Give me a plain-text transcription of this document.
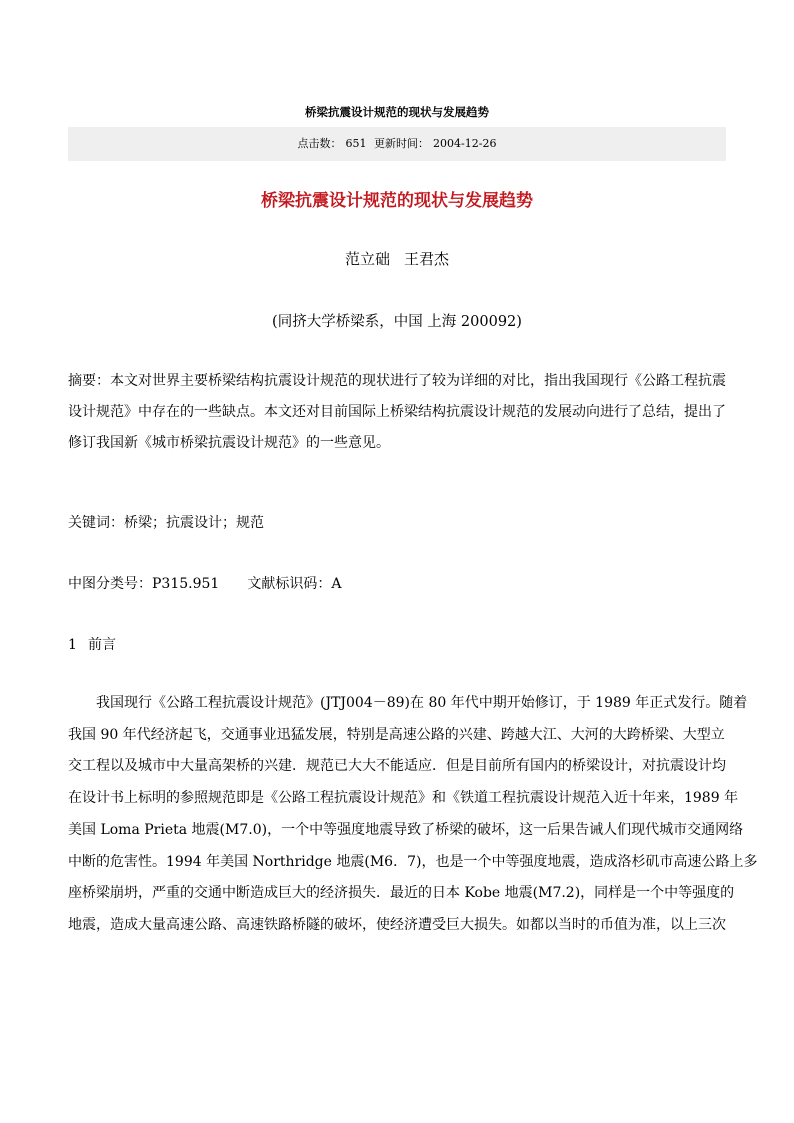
桥梁抗震设计规范的现状与发展趋势
点击数： 651 更新时间： 2004-12-26
桥梁抗震设计规范的现状与发展趋势
范立础 王君杰
(同挤大学桥梁系，中国 上海 200092)
摘要：本文对世界主要桥梁结构抗震设计规范的现状进行了较为详细的对比，指出我国现行《公路工程抗震
设计规范》中存在的一些缺点。本文还对目前国际上桥梁结构抗震设计规范的发展动向进行了总结，提出了
修订我国新《城市桥梁抗震设计规范》的一些意见。
关键词：桥梁；抗震设计；规范
中图分类号：P315.951 文献标识码：A
1 前言
我国现行《公路工程抗震设计规范》(JTJ004－89)在 80 年代中期开始修订，于 1989 年正式发行。随着
我国 90 年代经济起飞，交通事业迅猛发展，特别是高速公路的兴建、跨越大江、大河的大跨桥梁、大型立
交工程以及城市中大量高架桥的兴建．规范已大大不能适应．但是目前所有国内的桥梁设计，对抗震设计均
在设计书上标明的参照规范即是《公路工程抗震设计规范》和《铁道工程抗震设计规范入近十年来，1989 年
美国 Loma Prieta 地震(M7.0)，一个中等强度地震导致了桥梁的破坏，这一后果告诫人们现代城市交通网络
中断的危害性。1994 年美国 Northridge 地震(M6．7)，也是一个中等强度地震，造成洛杉矶市高速公路上多
座桥梁崩坍，严重的交通中断造成巨大的经济损失．最近的日本 Kobe 地震(M7.2)，同样是一个中等强度的
地震，造成大量高速公路、高速铁路桥隧的破坏，使经济遭受巨大损失。如都以当时的币值为准，以上三次
